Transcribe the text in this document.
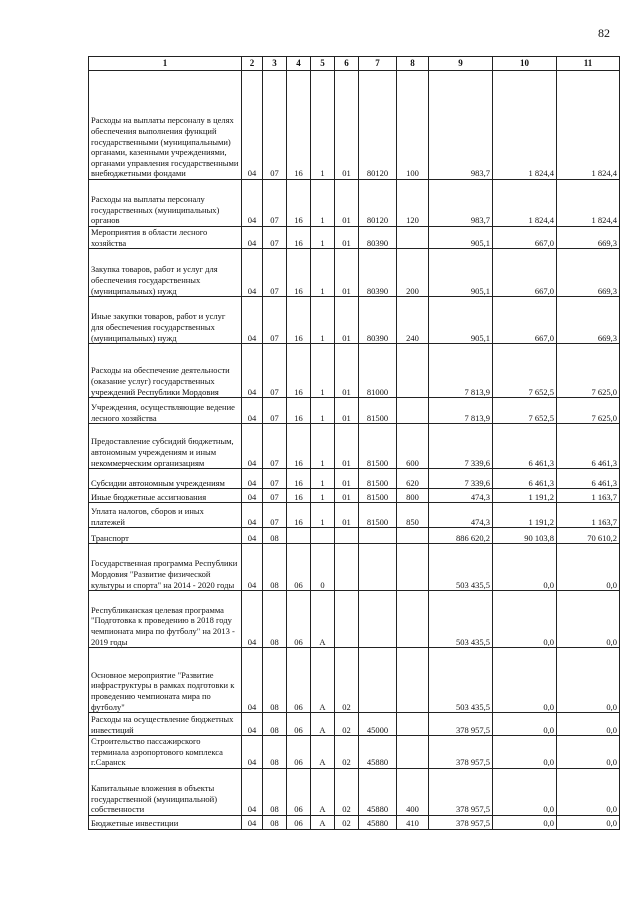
82
1	2	3	4	5	6	7	8	9	10	11
Расходы на выплаты персоналу в целях обеспечения выполнения функций государственными (муниципальными) органами, казенными учреждениями, органами управления государственными внебюджетными фондами	04	07	16	1	01	80120	100	983,7	1 824,4	1 824,4
Расходы на выплаты персоналу государственных (муниципальных) органов	04	07	16	1	01	80120	120	983,7	1 824,4	1 824,4
Мероприятия в области лесного хозяйства	04	07	16	1	01	80390		905,1	667,0	669,3
Закупка товаров, работ и услуг для обеспечения государственных (муниципальных) нужд	04	07	16	1	01	80390	200	905,1	667,0	669,3
Иные закупки товаров, работ и услуг для обеспечения государственных (муниципальных) нужд	04	07	16	1	01	80390	240	905,1	667,0	669,3
Расходы на обеспечение деятельности (оказание услуг) государственных учреждений Республики Мордовия	04	07	16	1	01	81000		7 813,9	7 652,5	7 625,0
Учреждения, осуществляющие ведение лесного хозяйства	04	07	16	1	01	81500		7 813,9	7 652,5	7 625,0
Предоставление субсидий бюджетным, автономным учреждениям и иным некоммерческим организациям	04	07	16	1	01	81500	600	7 339,6	6 461,3	6 461,3
Субсидии автономным учреждениям	04	07	16	1	01	81500	620	7 339,6	6 461,3	6 461,3
Иные бюджетные ассигнования	04	07	16	1	01	81500	800	474,3	1 191,2	1 163,7
Уплата налогов, сборов и иных платежей	04	07	16	1	01	81500	850	474,3	1 191,2	1 163,7
Транспорт	04	08						886 620,2	90 103,8	70 610,2
Государственная программа Республики Мордовия "Развитие физической культуры и спорта" на 2014 - 2020 годы	04	08	06	0				503 435,5	0,0	0,0
Республиканская целевая программа "Подготовка к проведению в 2018 году чемпионата мира по футболу" на 2013 - 2019 годы	04	08	06	А				503 435,5	0,0	0,0
Основное мероприятие "Развитие инфраструктуры в рамках подготовки к проведению чемпионата мира по футболу"	04	08	06	А	02			503 435,5	0,0	0,0
Расходы на осуществление бюджетных инвестиций	04	08	06	А	02	45000		378 957,5	0,0	0,0
Строительство пассажирского терминала аэропортового комплекса г.Саранск	04	08	06	А	02	45880		378 957,5	0,0	0,0
Капитальные вложения в объекты государственной (муниципальной) собственности	04	08	06	А	02	45880	400	378 957,5	0,0	0,0
Бюджетные инвестиции	04	08	06	А	02	45880	410	378 957,5	0,0	0,0
